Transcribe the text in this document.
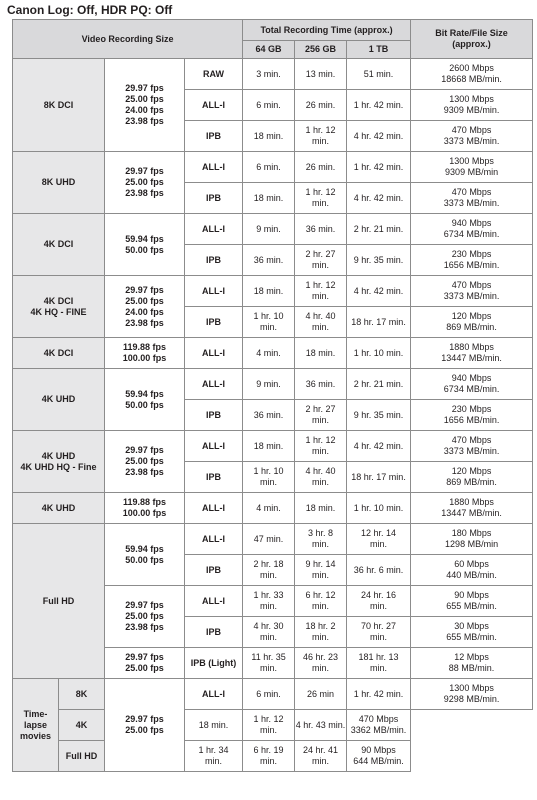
Canon Log: Off, HDR PQ: Off
Video Recording Size				Total Recording Time (approx.)			Bit Rate/File Size
(approx.)
				64 GB	256 GB	1 TB	
8K DCI		29.97 fps
25.00 fps
24.00 fps
23.98 fps	RAW	3 min.	13 min.	51 min.	2600 Mbps
18668 MB/min.
			ALL-I	6 min.	26 min.	1 hr. 42 min.	1300 Mbps
9309 MB/min.
			IPB	18 min.	1 hr. 12
min.	4 hr. 42 min.	470 Mbps
3373 MB/min.
8K UHD		29.97 fps
25.00 fps
23.98 fps	ALL-I	6 min.	26 min.	1 hr. 42 min.	1300 Mbps
9309 MB/min
			IPB	18 min.	1 hr. 12
min.	4 hr. 42 min.	470 Mbps
3373 MB/min.
4K DCI		59.94 fps
50.00 fps	ALL-I	9 min.	36 min.	2 hr. 21 min.	940 Mbps
6734 MB/min.
			IPB	36 min.	2 hr. 27
min.	9 hr. 35 min.	230 Mbps
1656 MB/min.
4K DCI
4K HQ - FINE		29.97 fps
25.00 fps
24.00 fps
23.98 fps	ALL-I	18 min.	1 hr. 12
min.	4 hr. 42 min.	470 Mbps
3373 MB/min.
			IPB	1 hr. 10
min.	4 hr. 40
min.	18 hr. 17 min.	120 Mbps
869 MB/min.
4K DCI		119.88 fps
100.00 fps	ALL-I	4 min.	18 min.	1 hr. 10 min.	1880 Mbps
13447 MB/min.
4K UHD		59.94 fps
50.00 fps	ALL-I	9 min.	36 min.	2 hr. 21 min.	940 Mbps
6734 MB/min.
			IPB	36 min.	2 hr. 27
min.	9 hr. 35 min.	230 Mbps
1656 MB/min.
4K UHD
4K UHD HQ - Fine		29.97 fps
25.00 fps
23.98 fps	ALL-I	18 min.	1 hr. 12
min.	4 hr. 42 min.	470 Mbps
3373 MB/min.
			IPB	1 hr. 10
min.	4 hr. 40
min.	18 hr. 17 min.	120 Mbps
869 MB/min.
4K UHD		119.88 fps
100.00 fps	ALL-I	4 min.	18 min.	1 hr. 10 min.	1880 Mbps
13447 MB/min.
Full HD		59.94 fps
50.00 fps	ALL-I	47 min.	3 hr. 8
min.	12 hr. 14
min.	180 Mbps
1298 MB/min
			IPB	2 hr. 18
min.	9 hr. 14
min.	36 hr. 6 min.	60 Mbps
440 MB/min.
		29.97 fps
25.00 fps
23.98 fps	ALL-I	1 hr. 33
min.	6 hr. 12
min.	24 hr. 16
min.	90 Mbps
655 MB/min.
			IPB	4 hr. 30
min.	18 hr. 2
min.	70 hr. 27
min.	30 Mbps
655 MB/min.
		29.97 fps
25.00 fps	IPB (Light)	11 hr. 35
min.	46 hr. 23
min.	181 hr. 13
min.	12 Mbps
88 MB/min.
Time-
lapse
movies	8K	29.97 fps
25.00 fps	ALL-I	6 min.	26 min	1 hr. 42 min.	1300 Mbps
9298 MB/min.
	4K		18 min.	1 hr. 12
min.	4 hr. 43 min.	470 Mbps
3362 MB/min.	
	Full HD		1 hr. 34
min.	6 hr. 19
min.	24 hr. 41
min.	90 Mbps
644 MB/min.	
